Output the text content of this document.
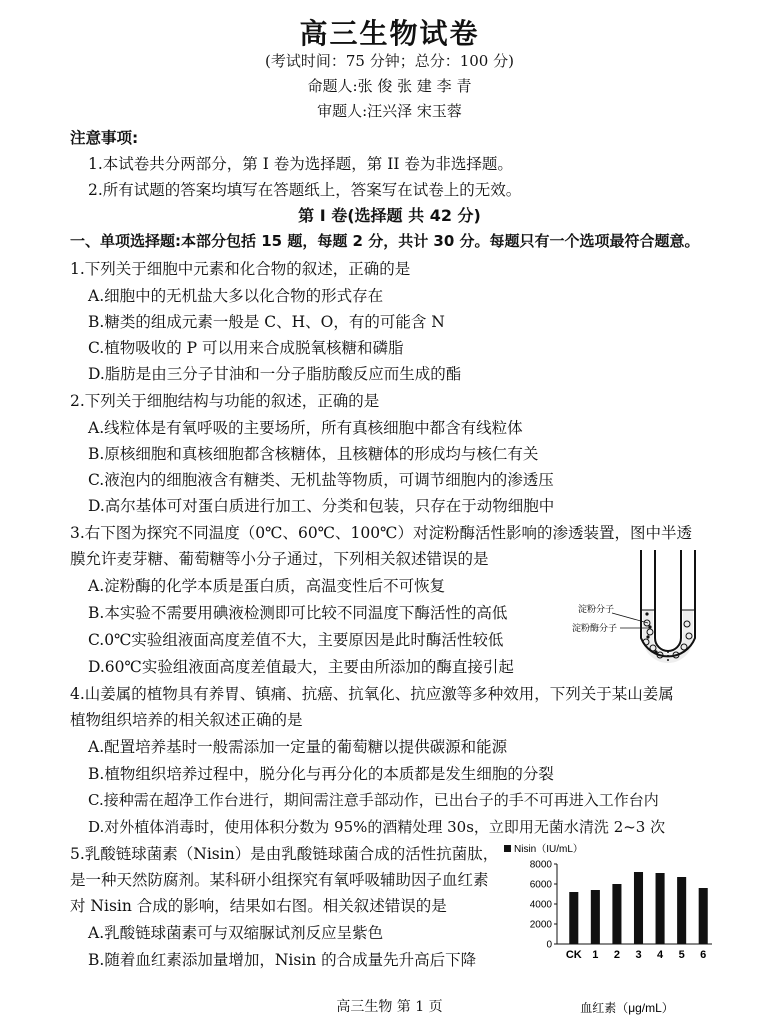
高三生物试卷
(考试时间：75 分钟；总分：100 分)
命题人:张 俊 张 建 李 青
审题人:汪兴泽 宋玉蓉
注意事项:
1.本试卷共分两部分，第 I 卷为选择题，第 II 卷为非选择题。
2.所有试题的答案均填写在答题纸上，答案写在试卷上的无效。
第 I 卷(选择题 共 42 分)
一、单项选择题:本部分包括 15 题，每题 2 分，共计 30 分。每题只有一个选项最符合题意。
1.下列关于细胞中元素和化合物的叙述，正确的是
A.细胞中的无机盐大多以化合物的形式存在
B.糖类的组成元素一般是 C、H、O，有的可能含 N
C.植物吸收的 P 可以用来合成脱氧核糖和磷脂
D.脂肪是由三分子甘油和一分子脂肪酸反应而生成的酯
2.下列关于细胞结构与功能的叙述，正确的是
A.线粒体是有氧呼吸的主要场所，所有真核细胞中都含有线粒体
B.原核细胞和真核细胞都含核糖体，且核糖体的形成均与核仁有关
C.液泡内的细胞液含有糖类、无机盐等物质，可调节细胞内的渗透压
D.高尔基体可对蛋白质进行加工、分类和包装，只存在于动物细胞中
3.右下图为探究不同温度（0℃、60℃、100℃）对淀粉酶活性影响的渗透装置，图中半透
膜允许麦芽糖、葡萄糖等小分子通过，下列相关叙述错误的是
A.淀粉酶的化学本质是蛋白质，高温变性后不可恢复
B.本实验不需要用碘液检测即可比较不同温度下酶活性的高低
C.0℃实验组液面高度差值不大，主要原因是此时酶活性较低
D.60℃实验组液面高度差值最大，主要由所添加的酶直接引起
淀粉分子
淀粉酶分子
4.山姜属的植物具有养胃、镇痛、抗癌、抗氧化、抗应激等多种效用，下列关于某山姜属
植物组织培养的相关叙述正确的是
A.配置培养基时一般需添加一定量的葡萄糖以提供碳源和能源
B.植物组织培养过程中，脱分化与再分化的本质都是发生细胞的分裂
C.接种需在超净工作台进行，期间需注意手部动作，已出台子的手不可再进入工作台内
D.对外植体消毒时，使用体积分数为 95%的酒精处理 30s，立即用无菌水清洗 2~3 次
5.乳酸链球菌素（Nisin）是由乳酸链球菌合成的活性抗菌肽，
是一种天然防腐剂。某科研小组探究有氧呼吸辅助因子血红素
对 Nisin 合成的影响，结果如右图。相关叙述错误的是
A.乳酸链球菌素可与双缩脲试剂反应呈紫色
B.随着血红素添加量增加，Nisin 的合成量先升高后下降
Nisin（IU/mL）
0
2000
4000
6000
8000
CK 1 2 3 4 5 6
血红素（μg/mL）
高三生物 第 1 页
